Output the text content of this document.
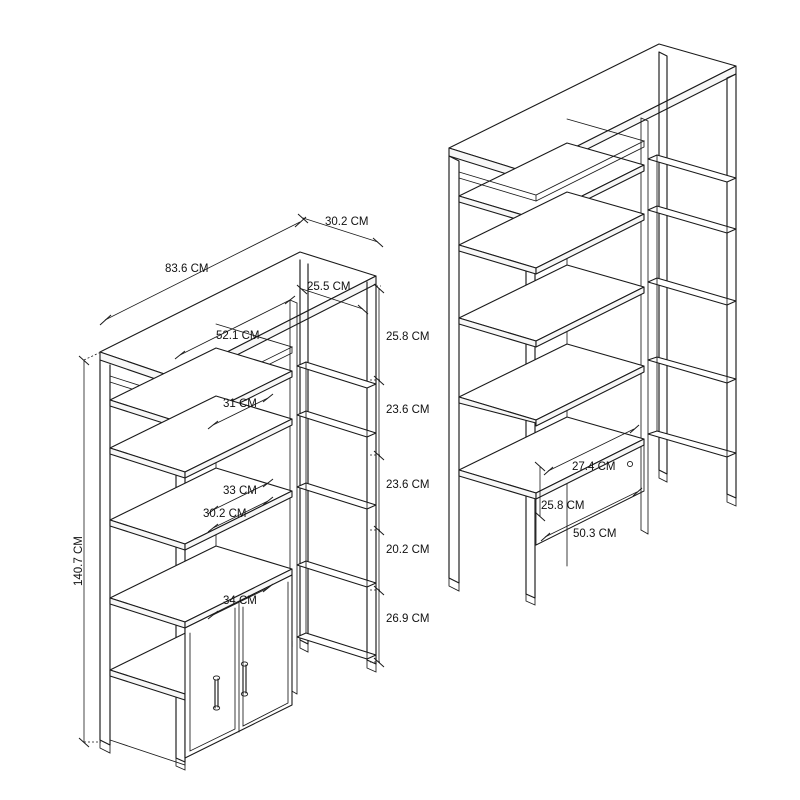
27.4 CM
25.8 CM
50.3 CM
83.6 CM
30.2 CM
25.5 CM
52.1 CM
31 CM
33 CM
30.2 CM
34 CM
140.7 CM
25.8 CM
23.6 CM
23.6 CM
20.2 CM
26.9 CM
